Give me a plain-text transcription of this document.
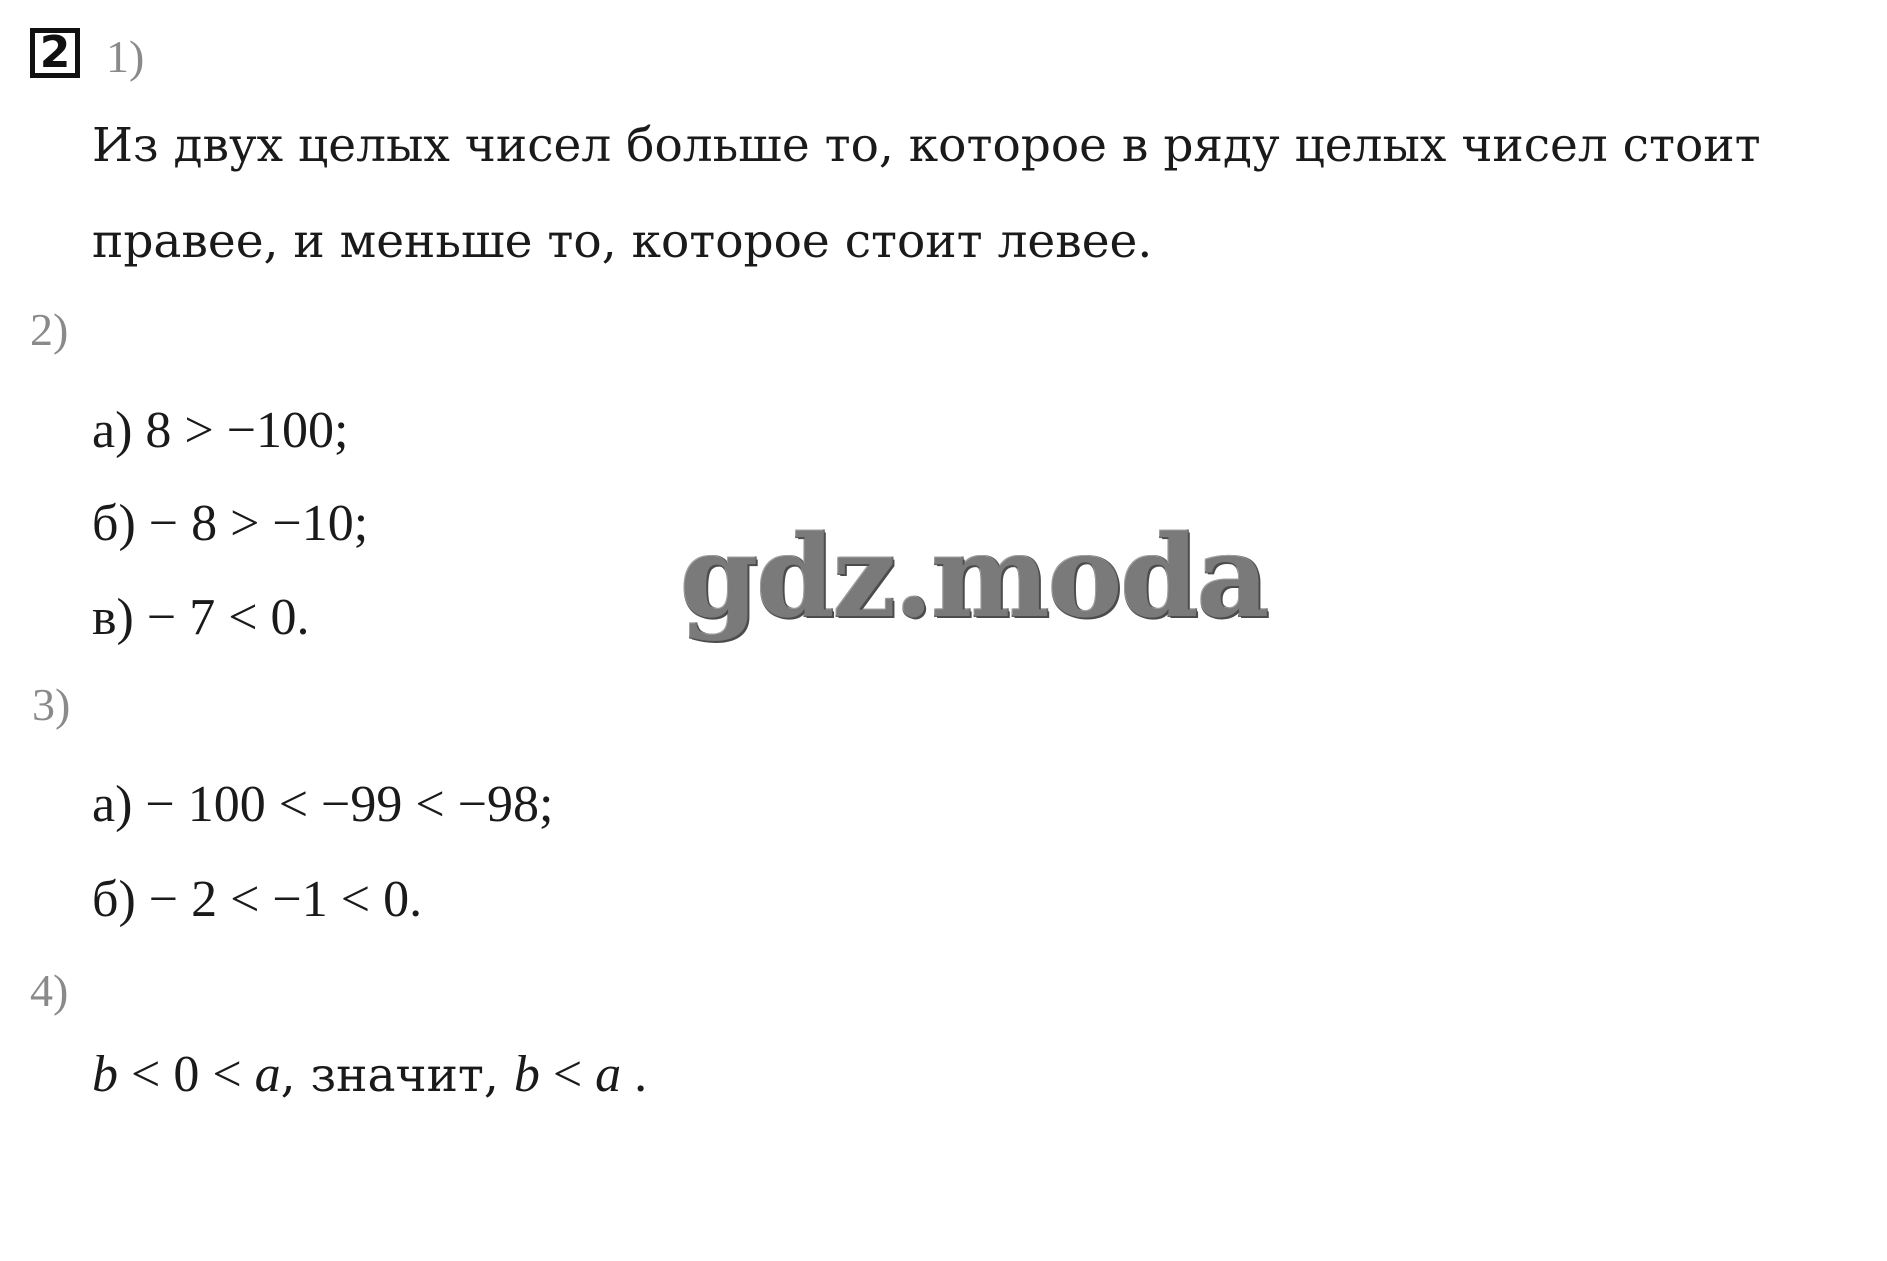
2 1)
2)
3)
4)
Из двух целых чисел больше то, которое в ряду целых чисел стоит
правее, и меньше то, которое стоит левее.
а) 8 > −100;
б) − 8 > −10;
в) − 7 < 0.
а) − 100 < −99 < −98;
б) − 2 < −1 < 0.
b < 0 < a, значит, b < a .
gdz.moda
